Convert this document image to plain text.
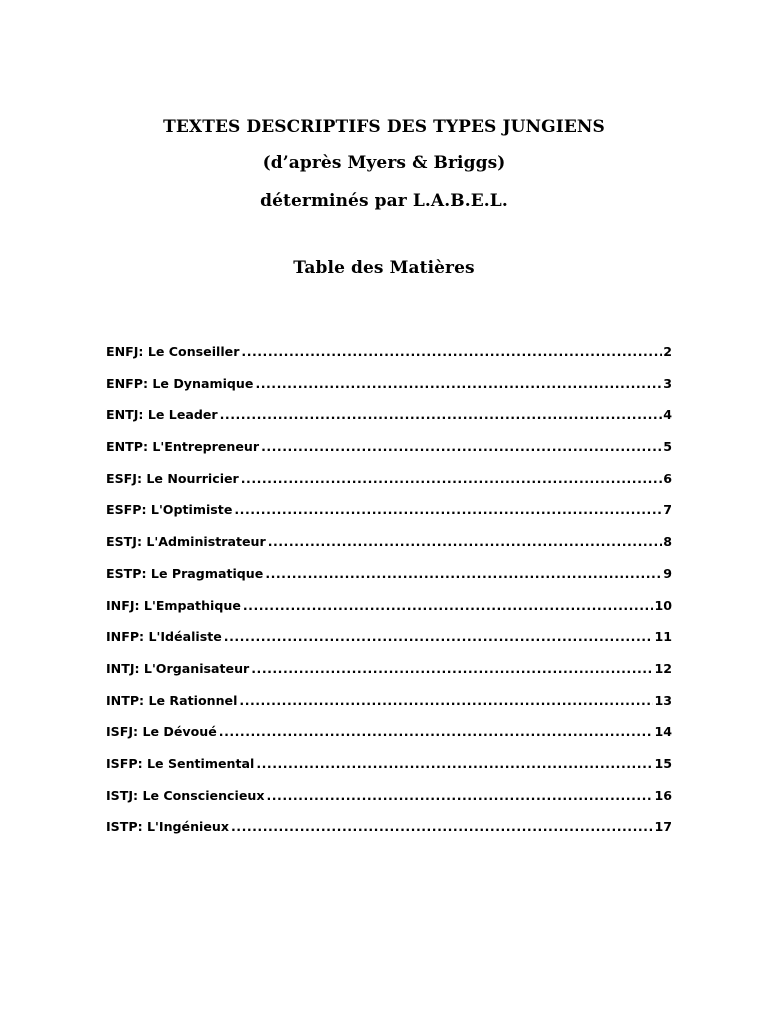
TEXTES DESCRIPTIFS DES TYPES JUNGIENS
(d’après Myers & Briggs)
déterminés par L.A.B.E.L.
Table des Matières
ENFJ: Le Conseiller .....	2
ENFP: Le Dynamique .....	3
ENTJ: Le Leader .....	4
ENTP: L'Entrepreneur .....	5
ESFJ: Le Nourricier .....	6
ESFP: L'Optimiste .....	7
ESTJ: L'Administrateur .....	8
ESTP: Le Pragmatique .....	9
INFJ: L'Empathique .....	10
INFP: L'Idéaliste .....	11
INTJ: L'Organisateur .....	12
INTP: Le Rationnel .....	13
ISFJ: Le Dévoué .....	14
ISFP: Le Sentimental .....	15
ISTJ: Le Consciencieux .....	16
ISTP: L'Ingénieux .....	17
